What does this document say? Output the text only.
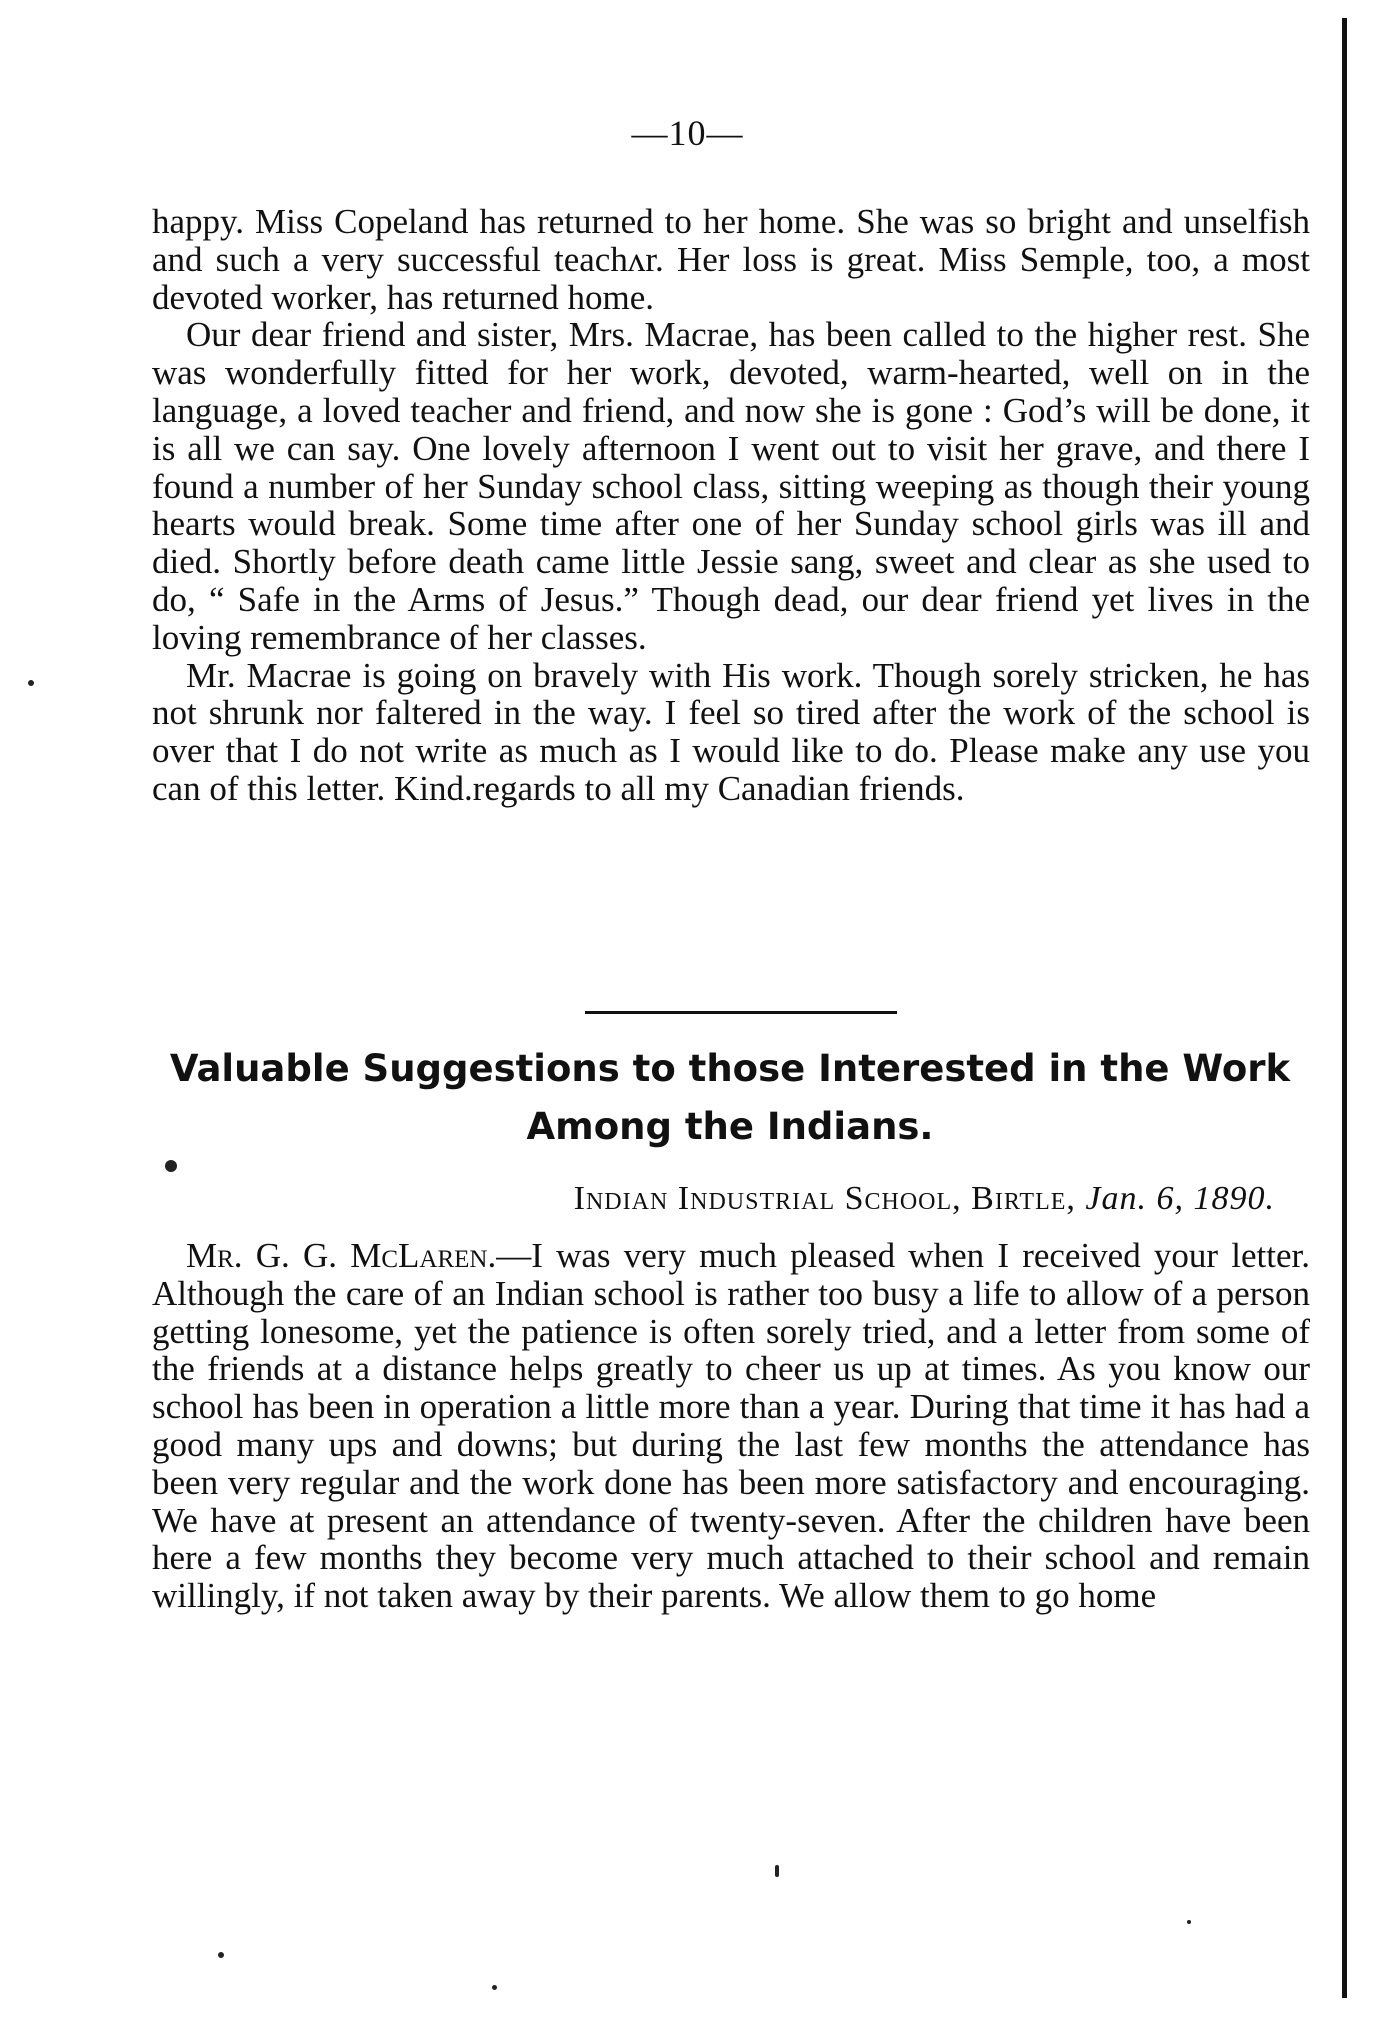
—10—

happy. Miss Copeland has returned to her home. She was so bright and unselfish and such a very successful teachʌr. Her loss is great. Miss Semple, too, a most devoted worker, has returned home.

Our dear friend and sister, Mrs. Macrae, has been called to the higher rest. She was wonderfully fitted for her work, devoted, warm-hearted, well on in the language, a loved teacher and friend, and now she is gone : God’s will be done, it is all we can say. One lovely afternoon I went out to visit her grave, and there I found a number of her Sunday school class, sitting weeping as though their young hearts would break. Some time after one of her Sunday school girls was ill and died. Shortly before death came little Jessie sang, sweet and clear as she used to do, “ Safe in the Arms of Jesus.” Though dead, our dear friend yet lives in the loving remembrance of her classes.

Mr. Macrae is going on bravely with His work. Though sorely stricken, he has not shrunk nor faltered in the way. I feel so tired after the work of the school is over that I do not write as much as I would like to do. Please make any use you can of this letter. Kind.regards to all my Canadian friends.

Valuable Suggestions to those Interested in the Work Among the Indians.
Indian Industrial School, Birtle, Jan. 6, 1890.

Mr. G. G. McLaren.—I was very much pleased when I received your letter. Although the care of an Indian school is rather too busy a life to allow of a person getting lonesome, yet the patience is often sorely tried, and a letter from some of the friends at a distance helps greatly to cheer us up at times. As you know our school has been in operation a little more than a year. During that time it has had a good many ups and downs; but during the last few months the attendance has been very regular and the work done has been more satisfactory and encouraging. We have at present an attendance of twenty-seven. After the children have been here a few months they become very much attached to their school and remain willingly, if not taken away by their parents. We allow them to go home
